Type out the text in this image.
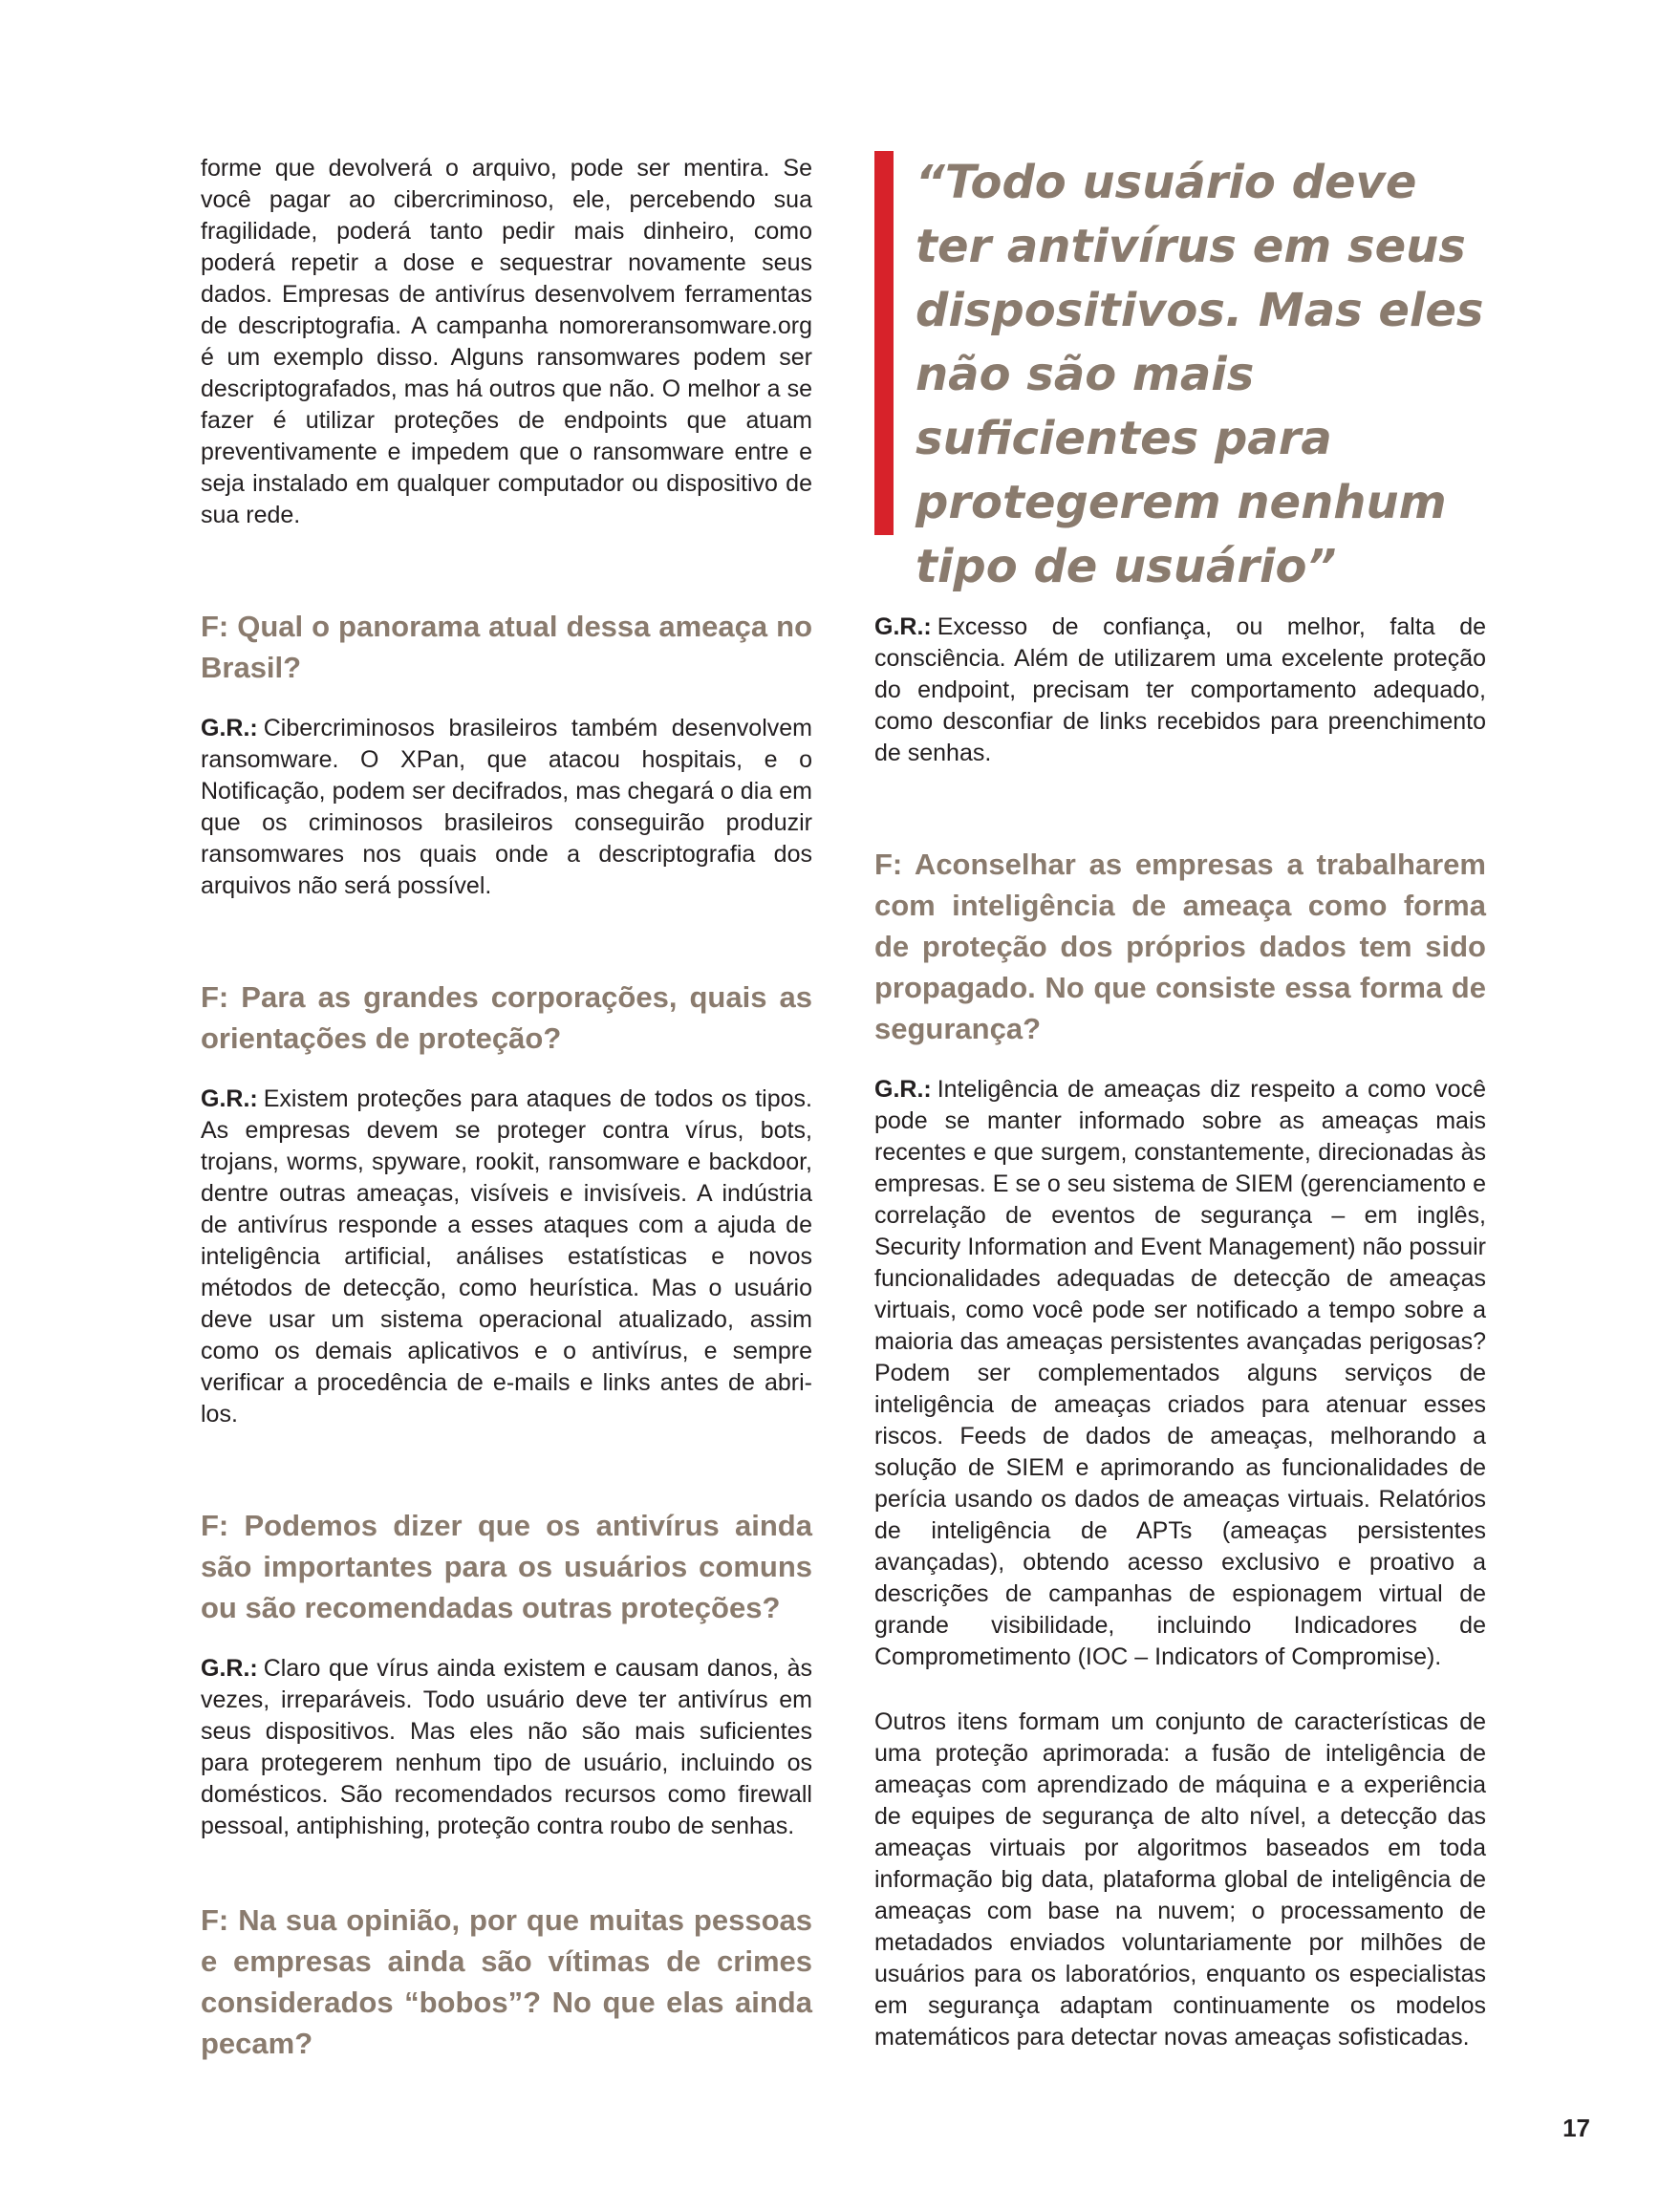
forme que devolverá o arquivo, pode ser mentira. Se você pagar ao cibercriminoso, ele, percebendo sua fragilidade, poderá tanto pedir mais dinheiro, como poderá repetir a dose e sequestrar novamente seus dados. Empresas de antivírus desenvolvem ferramentas de descriptografia. A campanha nomoreransomware.org é um exemplo disso. Alguns ransomwares podem ser descriptografados, mas há outros que não. O melhor a se fazer é utilizar proteções de endpoints que atuam preventivamente e impedem que o ransomware entre e seja instalado em qualquer computador ou dispositivo de sua rede.

F: Qual o panorama atual dessa ameaça no Brasil?

G.R.: Cibercriminosos brasileiros também desenvolvem ransomware. O XPan, que atacou hospitais, e o Notificação, podem ser decifrados, mas chegará o dia em que os criminosos brasileiros conseguirão produzir ransomwares nos quais onde a descriptografia dos arquivos não será possível.

F: Para as grandes corporações, quais as orientações de proteção?

G.R.: Existem proteções para ataques de todos os tipos. As empresas devem se proteger contra vírus, bots, trojans, worms, spyware, rookit, ransomware e backdoor, dentre outras ameaças, visíveis e invisíveis. A indústria de antivírus responde a esses ataques com a ajuda de inteligência artificial, análises estatísticas e novos métodos de detecção, como heurística. Mas o usuário deve usar um sistema operacional atualizado, assim como os demais aplicativos e o antivírus, e sempre verificar a procedência de e-mails e links antes de abri-los.

F: Podemos dizer que os antivírus ainda são importantes para os usuários comuns ou são recomendadas outras proteções?

G.R.: Claro que vírus ainda existem e causam danos, às vezes, irreparáveis. Todo usuário deve ter antivírus em seus dispositivos. Mas eles não são mais suficientes para protegerem nenhum tipo de usuário, incluindo os domésticos. São recomendados recursos como firewall pessoal, antiphishing, proteção contra roubo de senhas.

F: Na sua opinião, por que muitas pessoas e empresas ainda são vítimas de crimes considerados “bobos”? No que elas ainda pecam?

“Todo usuário deve ter antivírus em seus dispositivos. Mas eles não são mais suficientes para protegerem nenhum tipo de usuário”

G.R.: Excesso de confiança, ou melhor, falta de consciência. Além de utilizarem uma excelente proteção do endpoint, precisam ter comportamento adequado, como desconfiar de links recebidos para preenchimento de senhas.

F: Aconselhar as empresas a trabalharem com inteligência de ameaça como forma de proteção dos próprios dados tem sido propagado. No que consiste essa forma de segurança?

G.R.: Inteligência de ameaças diz respeito a como você pode se manter informado sobre as ameaças mais recentes e que surgem, constantemente, direcionadas às empresas. E se o seu sistema de SIEM (gerenciamento e correlação de eventos de segurança – em inglês, Security Information and Event Management) não possuir funcionalidades adequadas de detecção de ameaças virtuais, como você pode ser notificado a tempo sobre a maioria das ameaças persistentes avançadas perigosas? Podem ser complementados alguns serviços de inteligência de ameaças criados para atenuar esses riscos. Feeds de dados de ameaças, melhorando a solução de SIEM e aprimorando as funcionalidades de perícia usando os dados de ameaças virtuais. Relatórios de inteligência de APTs (ameaças persistentes avançadas), obtendo acesso exclusivo e proativo a descrições de campanhas de espionagem virtual de grande visibilidade, incluindo Indicadores de Comprometimento (IOC – Indicators of Compromise).

Outros itens formam um conjunto de características de uma proteção aprimorada: a fusão de inteligência de ameaças com aprendizado de máquina e a experiência de equipes de segurança de alto nível, a detecção das ameaças virtuais por algoritmos baseados em toda informação big data, plataforma global de inteligência de ameaças com base na nuvem; o processamento de metadados enviados voluntariamente por milhões de usuários para os laboratórios, enquanto os especialistas em segurança adaptam continuamente os modelos matemáticos para detectar novas ameaças sofisticadas.

17
